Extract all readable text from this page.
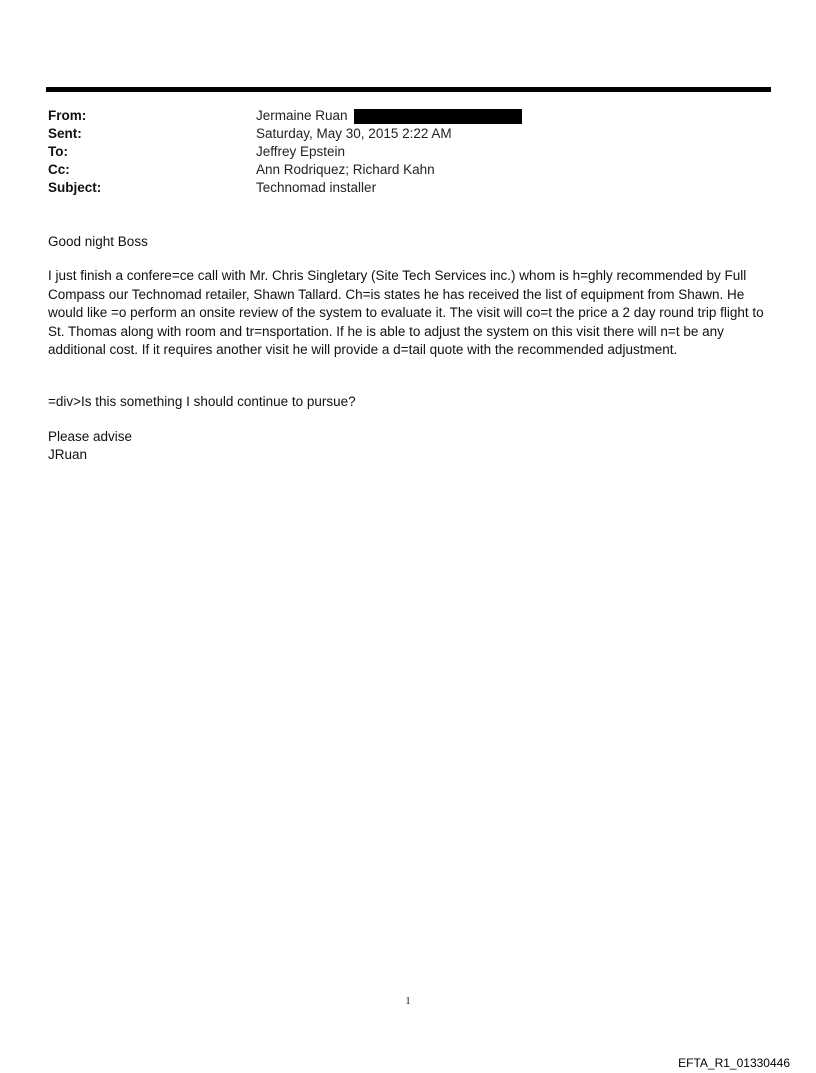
From:	Jermaine Ruan
Sent:	Saturday, May 30, 2015 2:22 AM
To:	Jeffrey Epstein
Cc:	Ann Rodriquez; Richard Kahn
Subject:	Technomad installer

Good night Boss

I just finish a confere=ce call with Mr. Chris Singletary (Site Tech Services inc.) whom is h=ghly recommended by Full Compass our Technomad retailer, Shawn Tallard. Ch=is states he has received the list of equipment from Shawn. He would like =o perform an onsite review of the system to evaluate it. The visit will co=t the price a 2 day round trip flight to St. Thomas along with room and tr=nsportation. If he is able to adjust the system on this visit there will n=t be any additional cost. If it requires another visit he will provide a d=tail quote with the recommended adjustment.

=div>Is this something I should continue to pursue?

Please advise

JRuan

1
EFTA_R1_01330446
